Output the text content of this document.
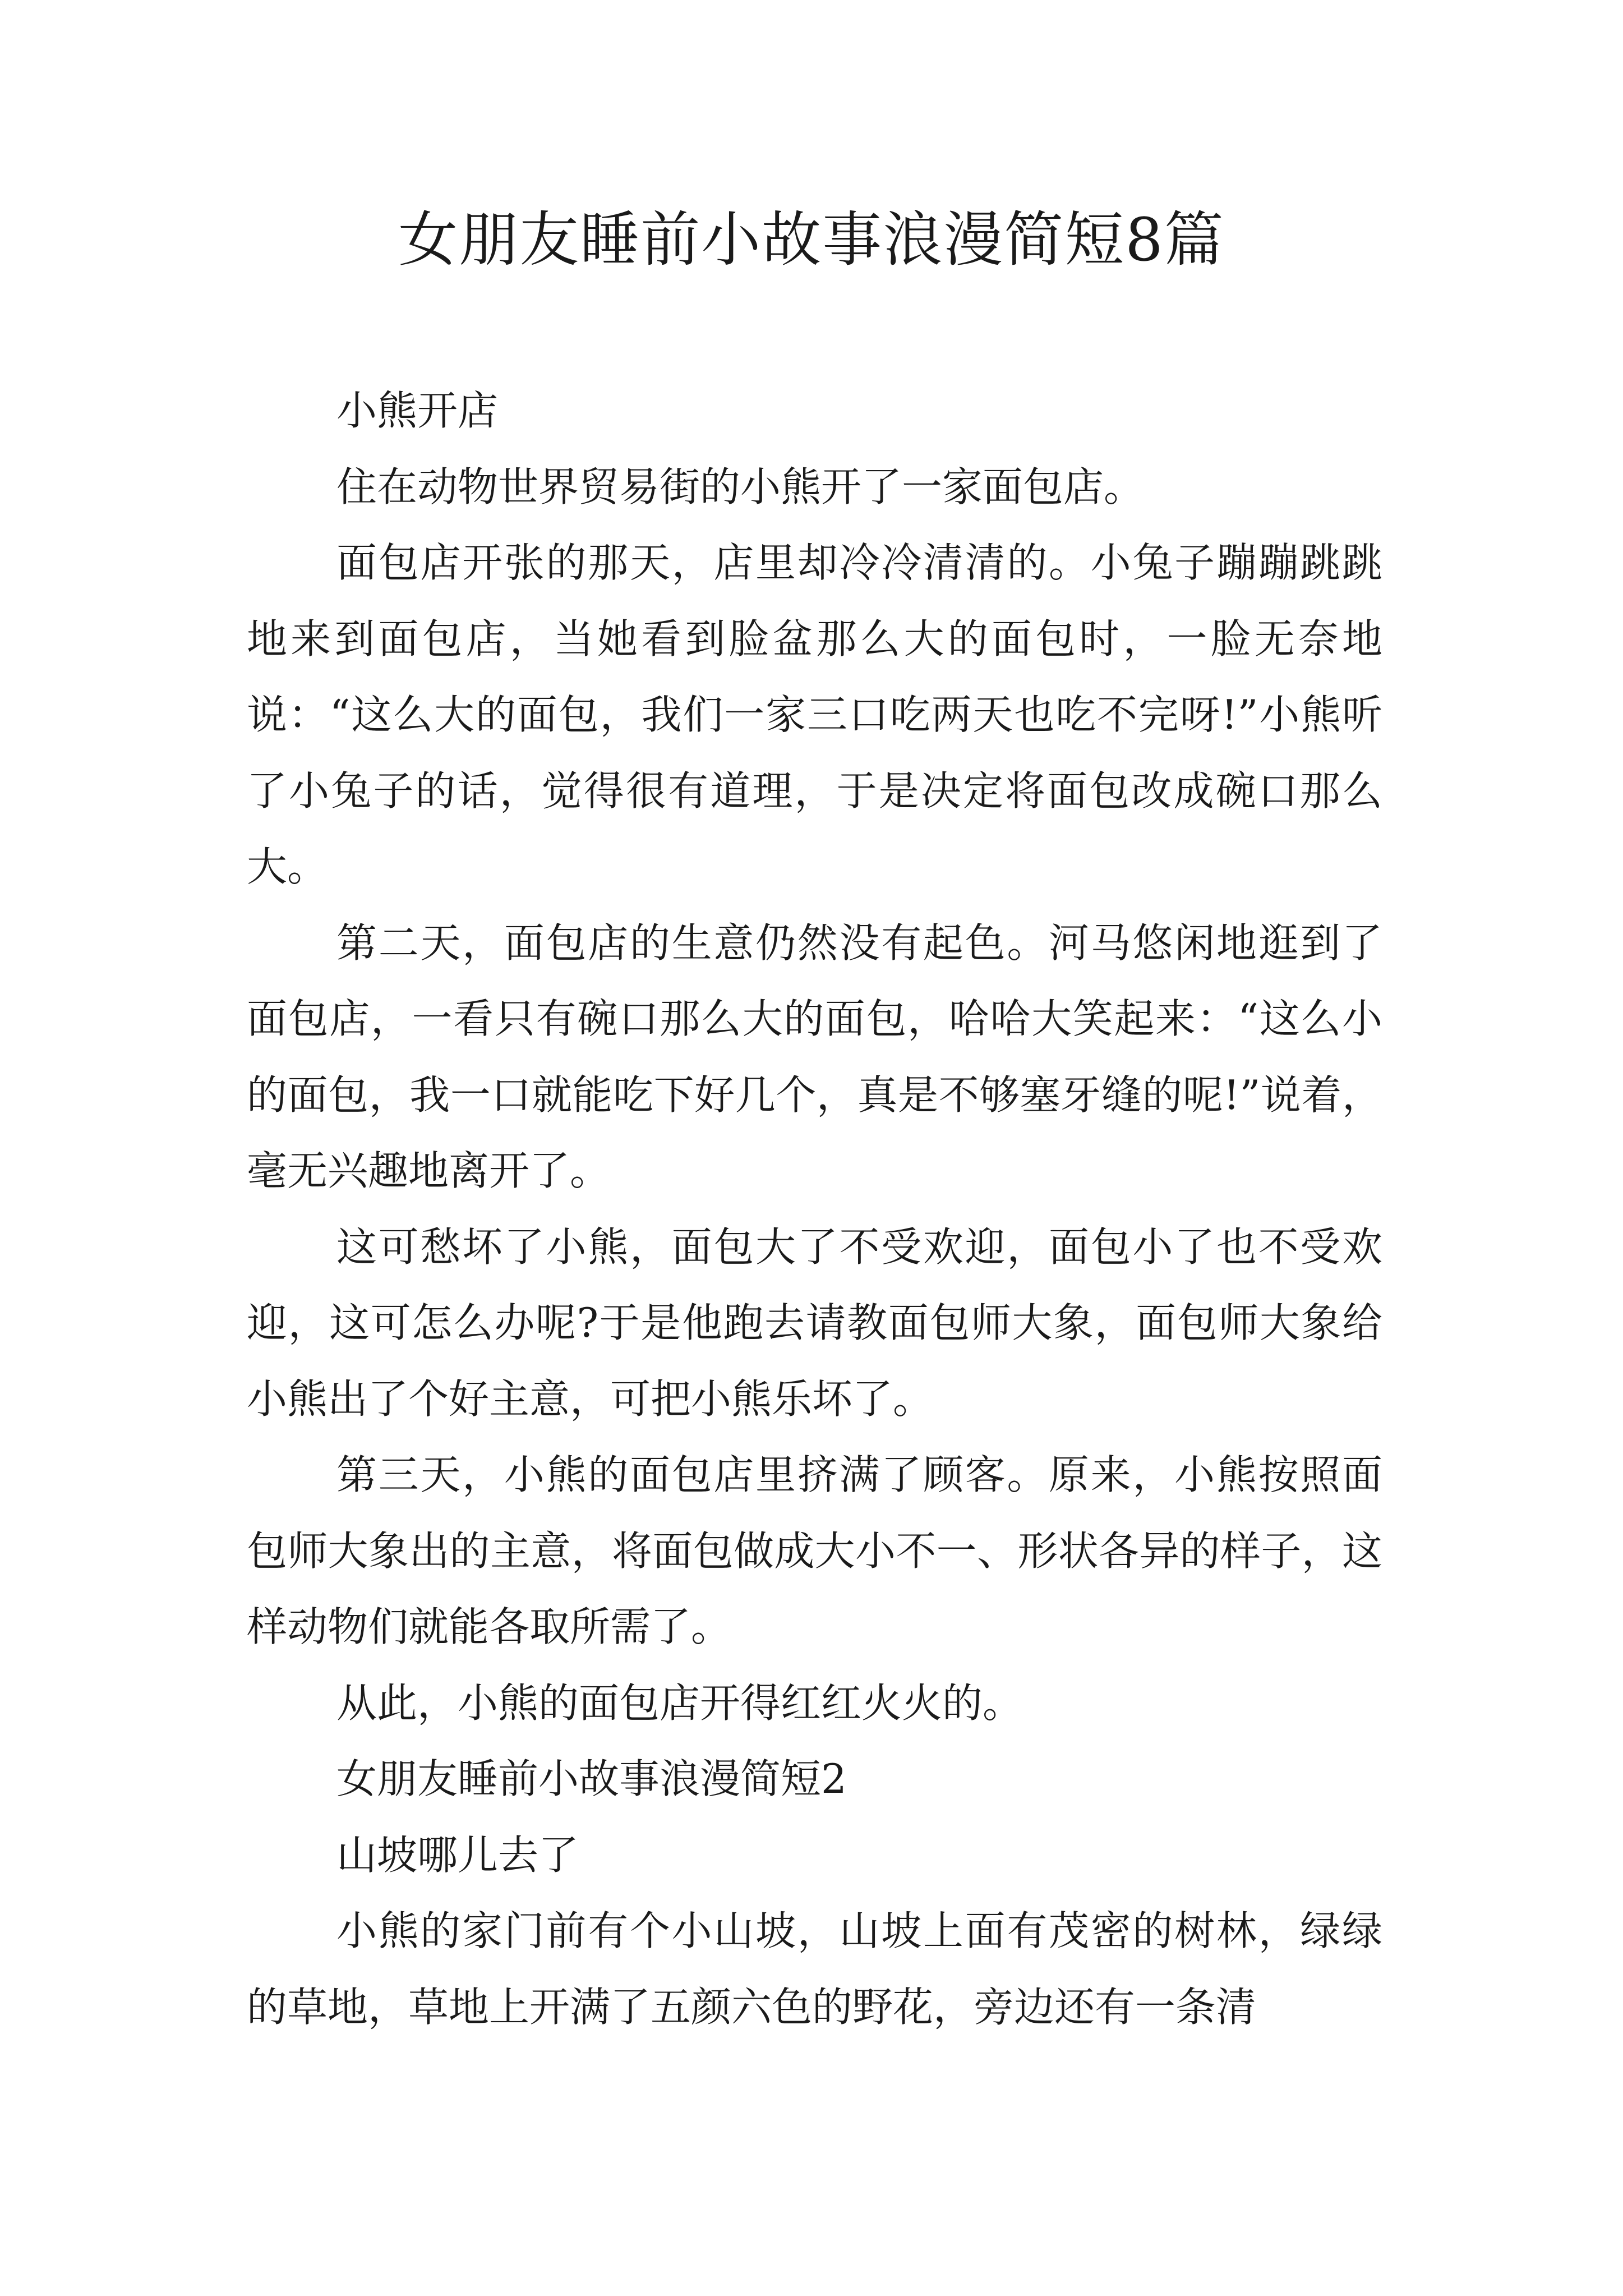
女朋友睡前小故事浪漫简短8篇

小熊开店

住在动物世界贸易街的小熊开了一家面包店。

面包店开张的那天，店里却冷冷清清的。小兔子蹦蹦跳跳地来到面包店，当她看到脸盆那么大的面包时，一脸无奈地说：“这么大的面包，我们一家三口吃两天也吃不完呀!”小熊听了小兔子的话，觉得很有道理，于是决定将面包改成碗口那么大。

第二天，面包店的生意仍然没有起色。河马悠闲地逛到了面包店，一看只有碗口那么大的面包，哈哈大笑起来：“这么小的面包，我一口就能吃下好几个，真是不够塞牙缝的呢!”说着，毫无兴趣地离开了。

这可愁坏了小熊，面包大了不受欢迎，面包小了也不受欢迎，这可怎么办呢?于是他跑去请教面包师大象，面包师大象给小熊出了个好主意，可把小熊乐坏了。

第三天，小熊的面包店里挤满了顾客。原来，小熊按照面包师大象出的主意，将面包做成大小不一、形状各异的样子，这样动物们就能各取所需了。

从此，小熊的面包店开得红红火火的。

女朋友睡前小故事浪漫简短2

山坡哪儿去了

小熊的家门前有个小山坡，山坡上面有茂密的树林，绿绿的草地，草地上开满了五颜六色的野花，旁边还有一条清
